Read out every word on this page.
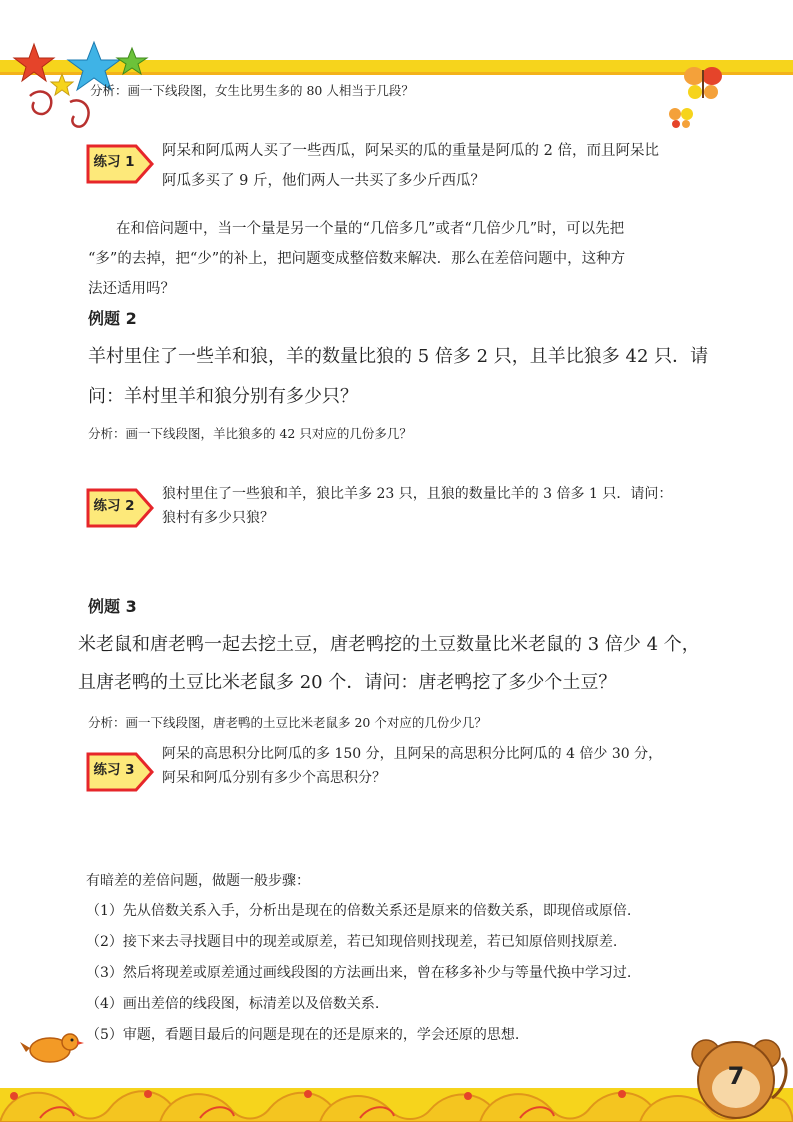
分析：画一下线段图，女生比男生多的 80 人相当于几段？
练习 1
阿呆和阿瓜两人买了一些西瓜，阿呆买的瓜的重量是阿瓜的 2 倍，而且阿呆比
阿瓜多买了 9 斤，他们两人一共买了多少斤西瓜？
在和倍问题中，当一个量是另一个量的“几倍多几”或者“几倍少几”时，可以先把
“多”的去掉，把“少”的补上，把问题变成整倍数来解决．那么在差倍问题中，这种方
法还适用吗？
例题 2
羊村里住了一些羊和狼，羊的数量比狼的 5 倍多 2 只，且羊比狼多 42 只．请
问：羊村里羊和狼分别有多少只？
分析：画一下线段图，羊比狼多的 42 只对应的几份多几？
练习 2
狼村里住了一些狼和羊，狼比羊多 23 只，且狼的数量比羊的 3 倍多 1 只．请问：
狼村有多少只狼？
例题 3
米老鼠和唐老鸭一起去挖土豆，唐老鸭挖的土豆数量比米老鼠的 3 倍少 4 个，
且唐老鸭的土豆比米老鼠多 20 个．请问：唐老鸭挖了多少个土豆？
分析：画一下线段图，唐老鸭的土豆比米老鼠多 20 个对应的几份少几？
练习 3
阿呆的高思积分比阿瓜的多 150 分，且阿呆的高思积分比阿瓜的 4 倍少 30 分，
阿呆和阿瓜分别有多少个高思积分？
有暗差的差倍问题，做题一般步骤：
（1）先从倍数关系入手，分析出是现在的倍数关系还是原来的倍数关系，即现倍或原倍.
（2）接下来去寻找题目中的现差或原差，若已知现倍则找现差，若已知原倍则找原差.
（3）然后将现差或原差通过画线段图的方法画出来，曾在移多补少与等量代换中学习过.
（4）画出差倍的线段图，标清差以及倍数关系.
（5）审题，看题目最后的问题是现在的还是原来的，学会还原的思想.
7
